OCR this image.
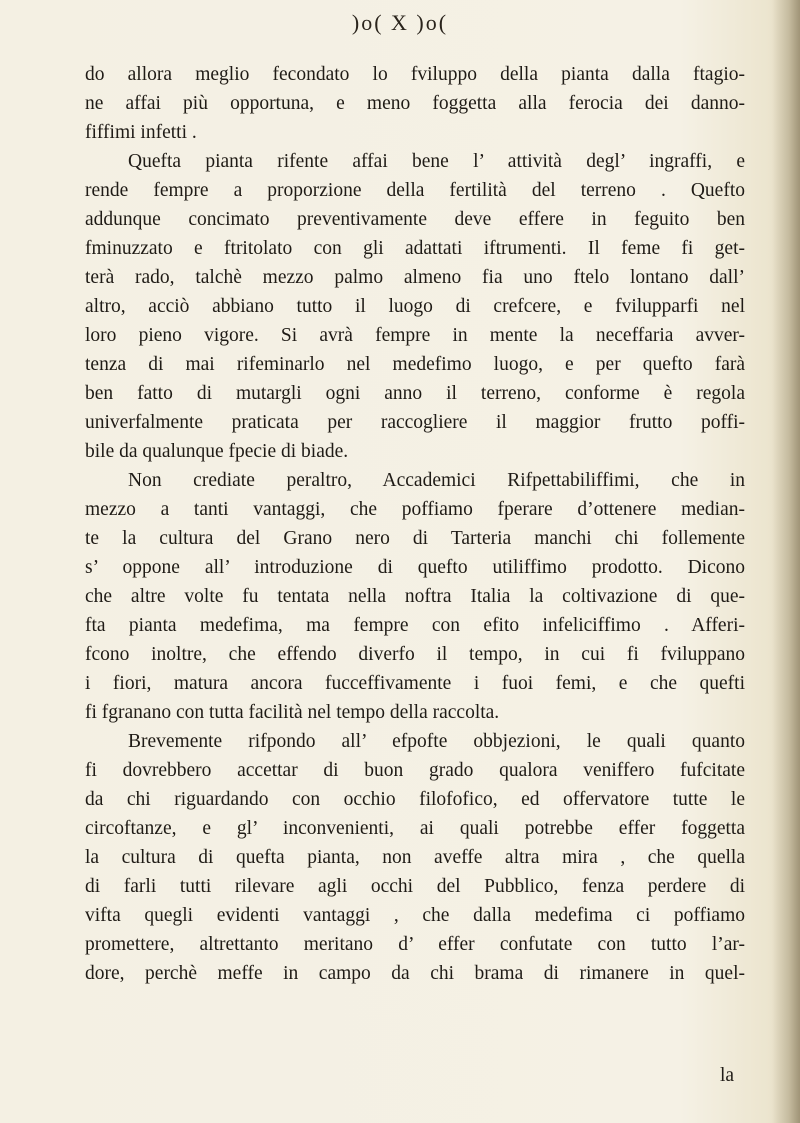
)o( X )o(
do allora meglio fecondato lo fviluppo della pianta dalla ftagio-
ne affai più opportuna, e meno foggetta alla ferocia dei danno-
fiffimi infetti .
Quefta pianta rifente affai bene l’ attività degl’ ingraffi, e
rende fempre a proporzione della fertilità del terreno . Quefto
addunque concimato preventivamente deve effere in feguito ben
fminuzzato e ftritolato con gli adattati iftrumenti. Il feme fi get-
terà rado, talchè mezzo palmo almeno fia uno ftelo lontano dall’
altro, acciò abbiano tutto il luogo di crefcere, e fvilupparfi nel
loro pieno vigore. Si avrà fempre in mente la neceffaria avver-
tenza di mai rifeminarlo nel medefimo luogo, e per quefto farà
ben fatto di mutargli ogni anno il terreno, conforme è regola
univerfalmente praticata per raccogliere il maggior frutto poffi-
bile da qualunque fpecie di biade.
Non crediate peraltro, Accademici Rifpettabiliffimi, che in
mezzo a tanti vantaggi, che poffiamo fperare d’ottenere median-
te la cultura del Grano nero di Tarteria manchi chi follemente
s’ oppone all’ introduzione di quefto utiliffimo prodotto. Dicono
che altre volte fu tentata nella noftra Italia la coltivazione di que-
fta pianta medefima, ma fempre con efito infeliciffimo . Afferi-
fcono inoltre, che effendo diverfo il tempo, in cui fi fviluppano
i fiori, matura ancora fucceffivamente i fuoi femi, e che quefti
fi fgranano con tutta facilità nel tempo della raccolta.
Brevemente rifpondo all’ efpofte obbjezioni, le quali quanto
fi dovrebbero accettar di buon grado qualora veniffero fufcitate
da chi riguardando con occhio filofofico, ed offervatore tutte le
circoftanze, e gl’ inconvenienti, ai quali potrebbe effer foggetta
la cultura di quefta pianta, non aveffe altra mira , che quella
di farli tutti rilevare agli occhi del Pubblico, fenza perdere di
vifta quegli evidenti vantaggi , che dalla medefima ci poffiamo
promettere, altrettanto meritano d’ effer confutate con tutto l’ar-
dore, perchè meffe in campo da chi brama di rimanere in quel-
la
